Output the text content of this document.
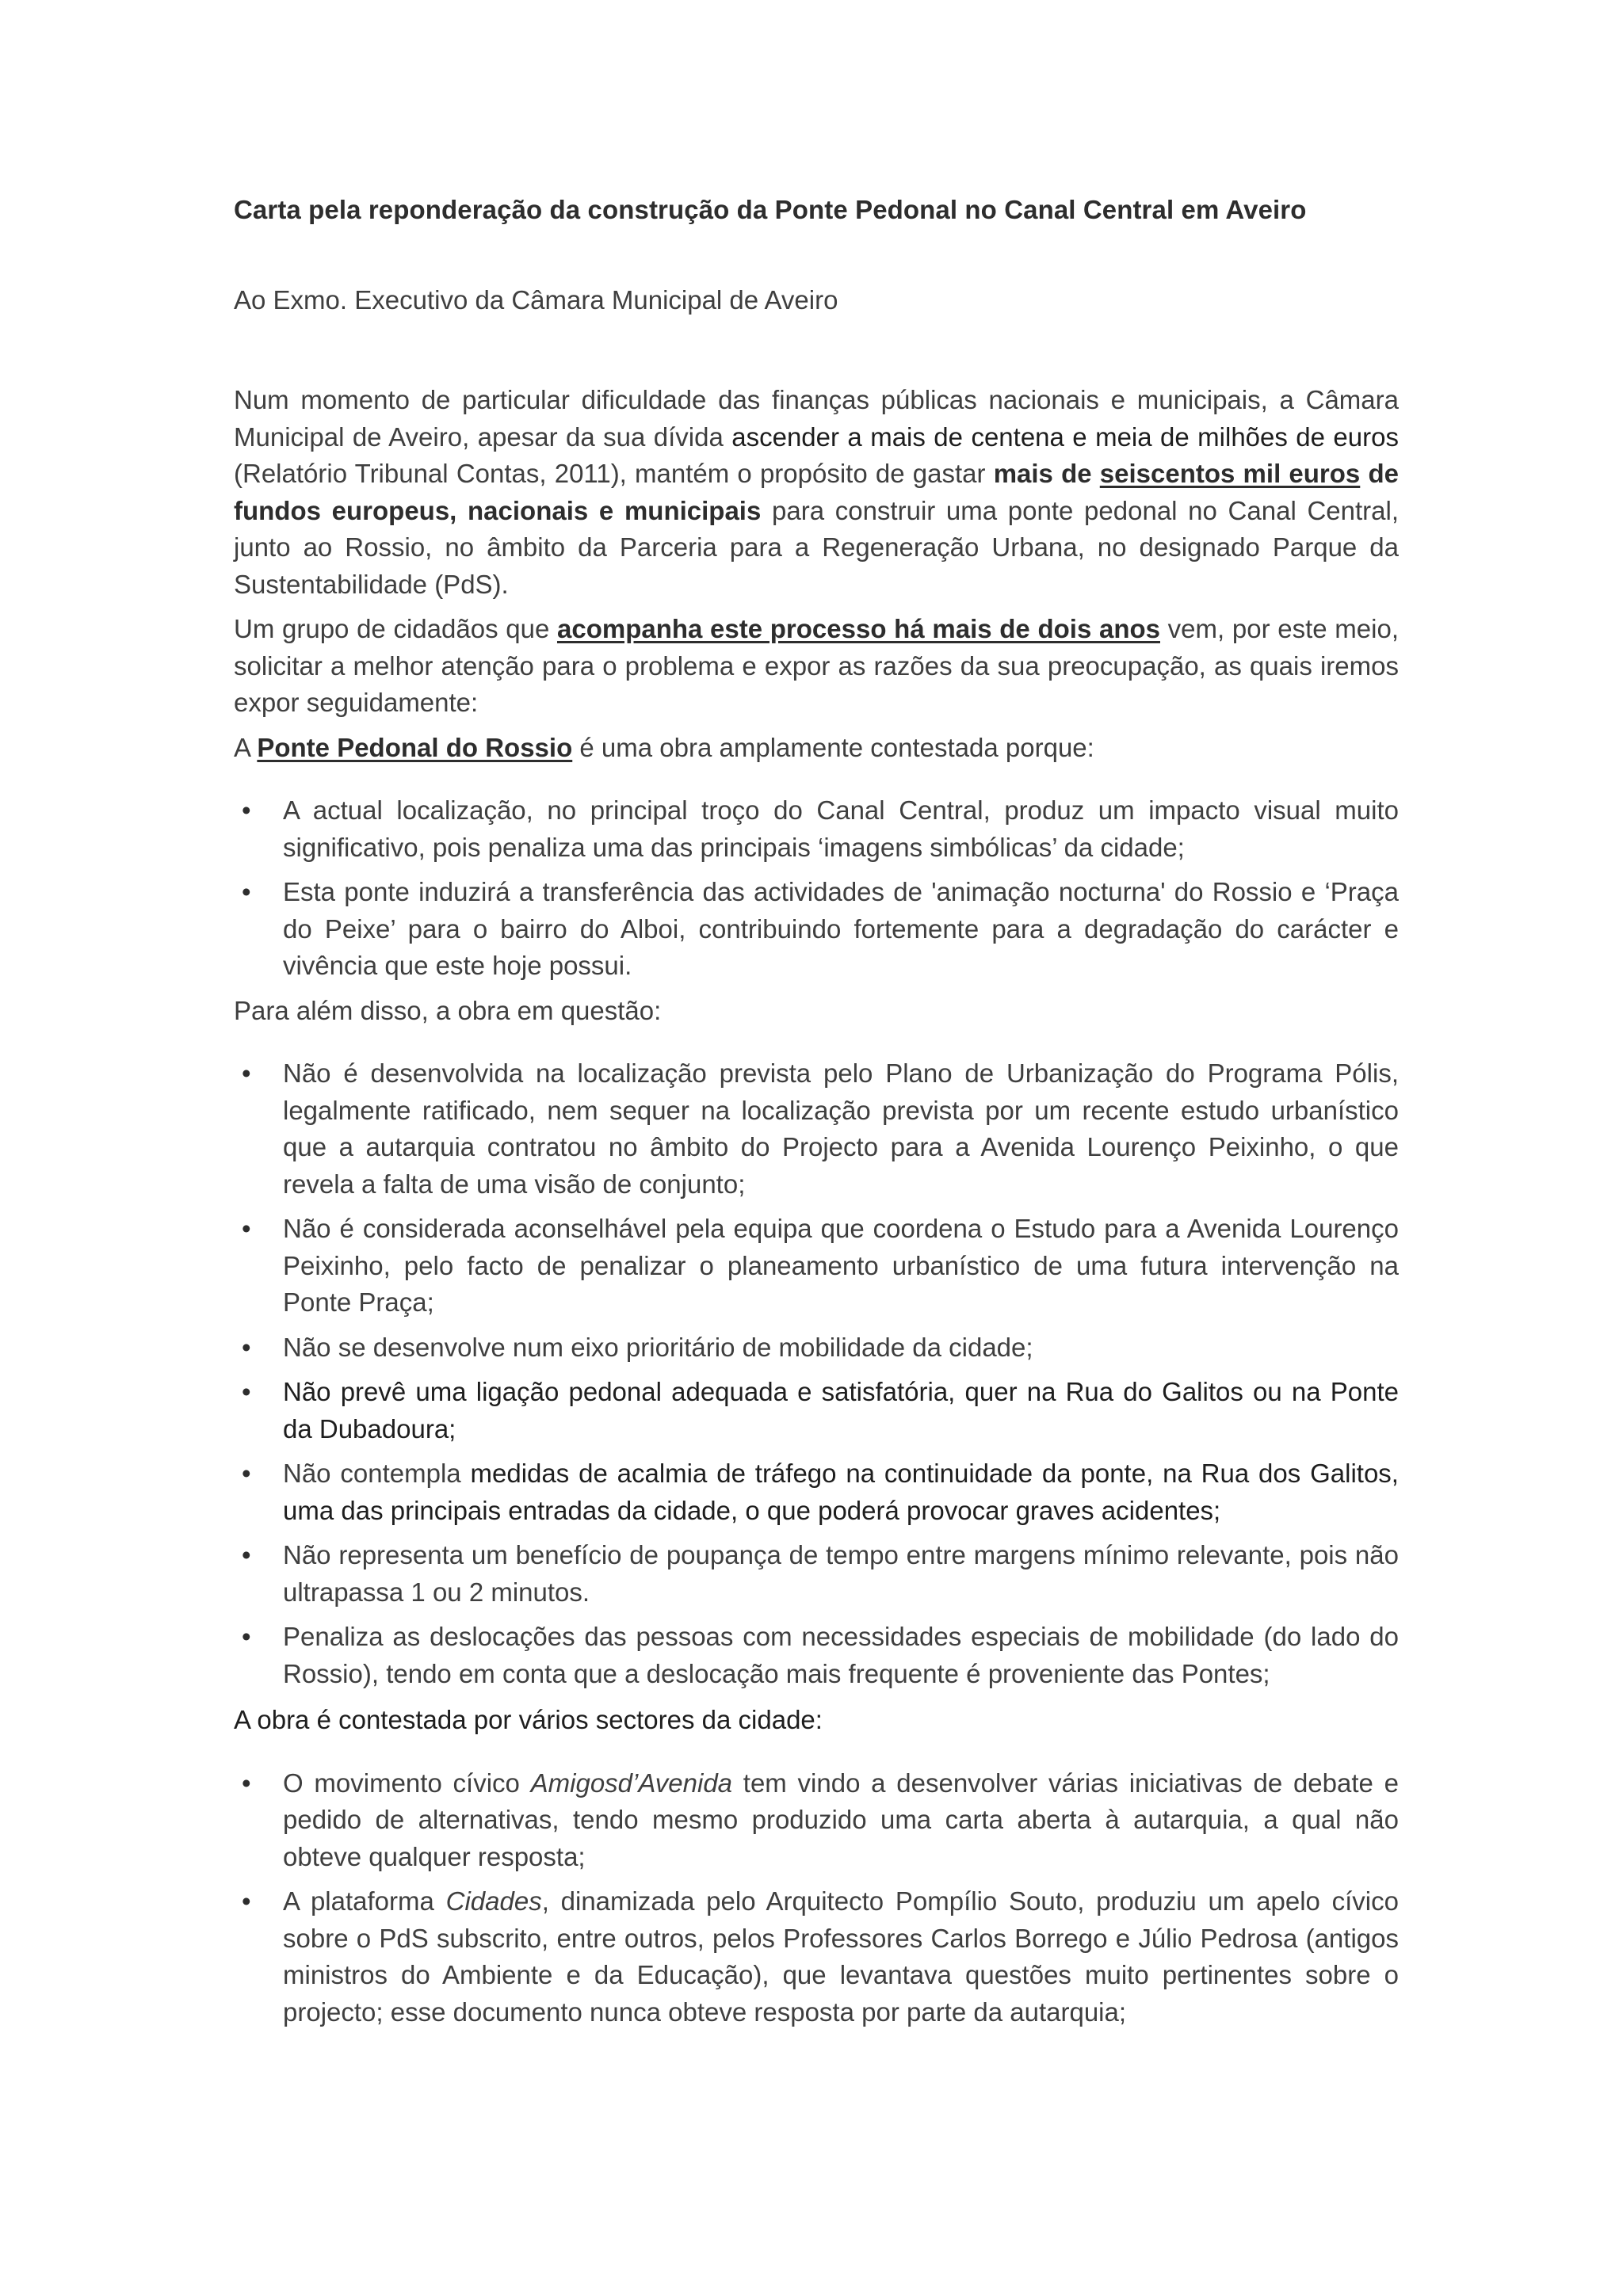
Carta pela reponderação da construção da Ponte Pedonal no Canal Central em Aveiro

Ao Exmo. Executivo da Câmara Municipal de Aveiro

Num momento de particular dificuldade das finanças públicas nacionais e municipais, a Câmara Municipal de Aveiro, apesar da sua dívida ascender a mais de centena e meia de milhões de euros (Relatório Tribunal Contas, 2011), mantém o propósito de gastar mais de seiscentos mil euros de fundos europeus, nacionais e municipais para construir uma ponte pedonal no Canal Central, junto ao Rossio, no âmbito da Parceria para a Regeneração Urbana, no designado Parque da Sustentabilidade (PdS).

Um grupo de cidadãos que acompanha este processo há mais de dois anos vem, por este meio, solicitar a melhor atenção para o problema e expor as razões da sua preocupação, as quais iremos expor seguidamente:

A Ponte Pedonal do Rossio é uma obra amplamente contestada porque:

• A actual localização, no principal troço do Canal Central, produz um impacto visual muito significativo, pois penaliza uma das principais ‘imagens simbólicas’ da cidade;
• Esta ponte induzirá a transferência das actividades de 'animação nocturna' do Rossio e ‘Praça do Peixe’ para o bairro do Alboi, contribuindo fortemente para a degradação do carácter e vivência que este hoje possui.

Para além disso, a obra em questão:

• Não é desenvolvida na localização prevista pelo Plano de Urbanização do Programa Pólis, legalmente ratificado, nem sequer na localização prevista por um recente estudo urbanístico que a autarquia contratou no âmbito do Projecto para a Avenida Lourenço Peixinho, o que revela a falta de uma visão de conjunto;
• Não é considerada aconselhável pela equipa que coordena o Estudo para a Avenida Lourenço Peixinho, pelo facto de penalizar o planeamento urbanístico de uma futura intervenção na Ponte Praça;
• Não se desenvolve num eixo prioritário de mobilidade da cidade;
• Não prevê uma ligação pedonal adequada e satisfatória, quer na Rua do Galitos ou na Ponte da Dubadoura;
• Não contempla medidas de acalmia de tráfego na continuidade da ponte, na Rua dos Galitos, uma das principais entradas da cidade, o que poderá provocar graves acidentes;
• Não representa um benefício de poupança de tempo entre margens mínimo relevante, pois não ultrapassa 1 ou 2 minutos.
• Penaliza as deslocações das pessoas com necessidades especiais de mobilidade (do lado do Rossio), tendo em conta que a deslocação mais frequente é proveniente das Pontes;

A obra é contestada por vários sectores da cidade:

• O movimento cívico Amigosd’Avenida tem vindo a desenvolver várias iniciativas de debate e pedido de alternativas, tendo mesmo produzido uma carta aberta à autarquia, a qual não obteve qualquer resposta;
• A plataforma Cidades, dinamizada pelo Arquitecto Pompílio Souto, produziu um apelo cívico sobre o PdS subscrito, entre outros, pelos Professores Carlos Borrego e Júlio Pedrosa (antigos ministros do Ambiente e da Educação), que levantava questões muito pertinentes sobre o projecto; esse documento nunca obteve resposta por parte da autarquia;
